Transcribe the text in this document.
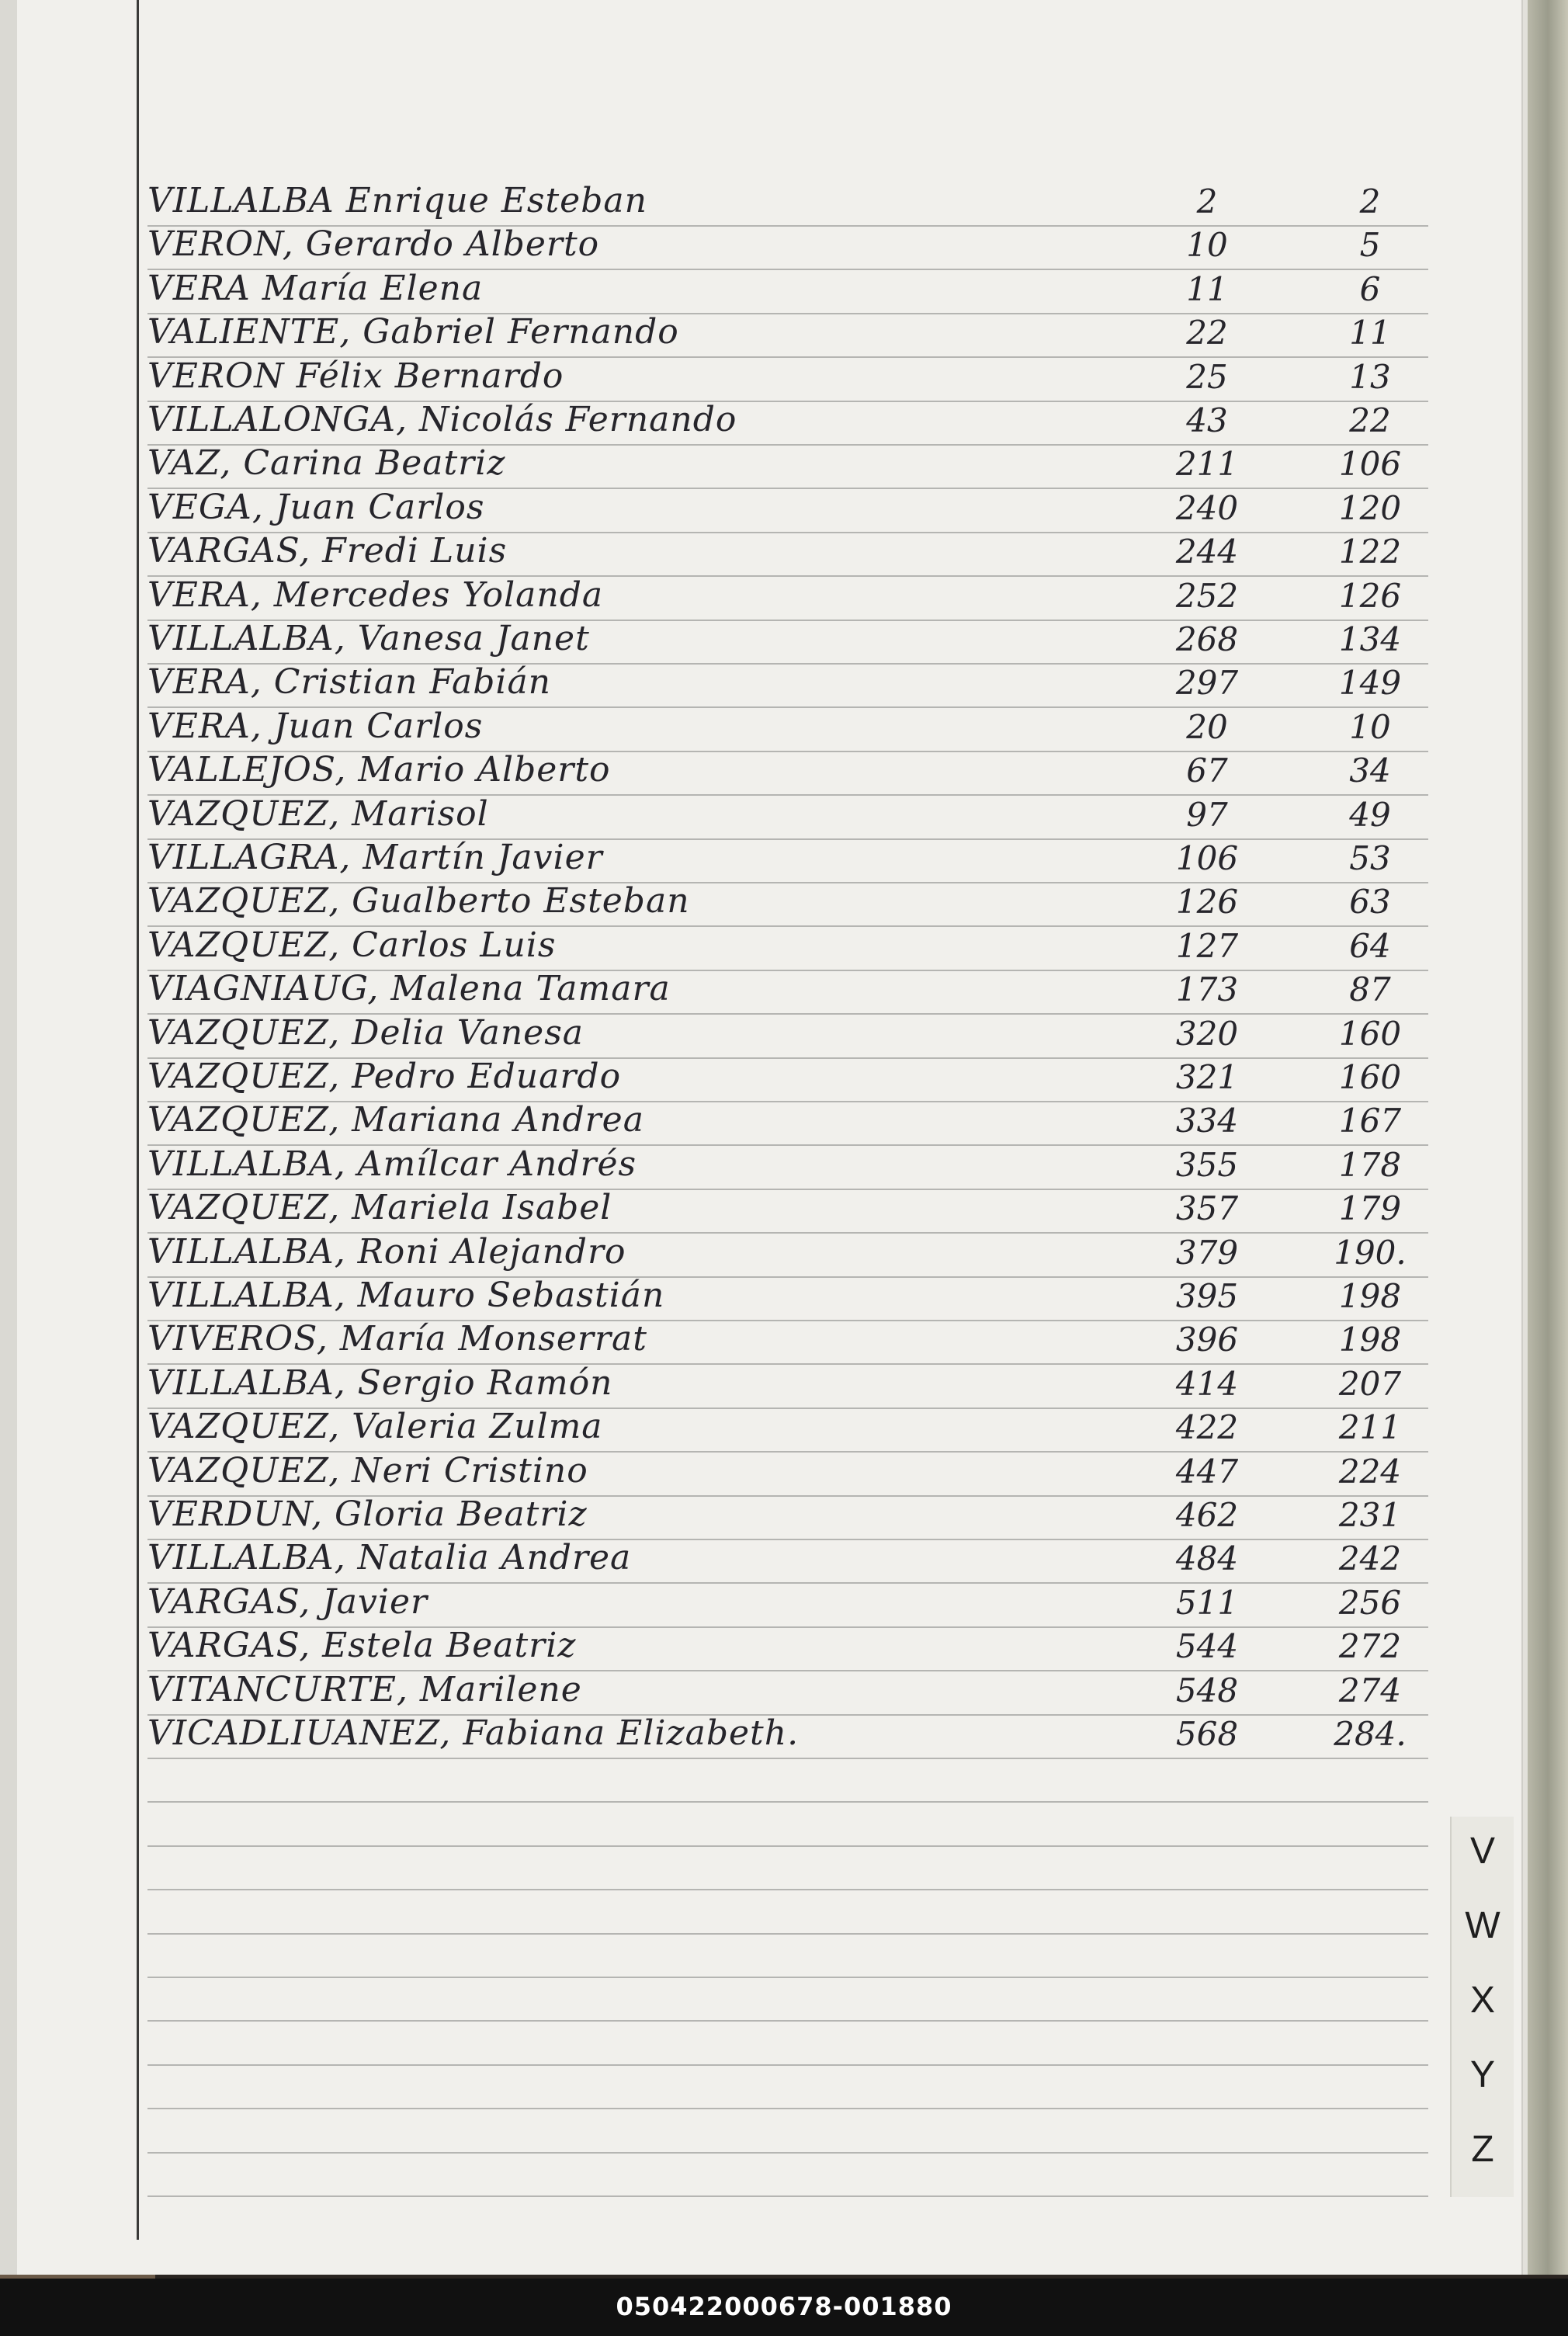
VILLALBA Enrique Esteban	2	2
VERON, Gerardo Alberto	10	5
VERA María Elena	11	6
VALIENTE, Gabriel Fernando	22	11
VERON Félix Bernardo	25	13
VILLALONGA, Nicolás Fernando	43	22
VAZ, Carina Beatriz	211	106
VEGA, Juan Carlos	240	120
VARGAS, Fredi Luis	244	122
VERA, Mercedes Yolanda	252	126
VILLALBA, Vanesa Janet	268	134
VERA, Cristian Fabián	297	149
VERA, Juan Carlos	20	10
VALLEJOS, Mario Alberto	67	34
VAZQUEZ, Marisol	97	49
VILLAGRA, Martín Javier	106	53
VAZQUEZ, Gualberto Esteban	126	63
VAZQUEZ, Carlos Luis	127	64
VIAGNIAUG, Malena Tamara	173	87
VAZQUEZ, Delia Vanesa	320	160
VAZQUEZ, Pedro Eduardo	321	160
VAZQUEZ, Mariana Andrea	334	167
VILLALBA, Amílcar Andrés	355	178
VAZQUEZ, Mariela Isabel	357	179
VILLALBA, Roni Alejandro	379	190.
VILLALBA, Mauro Sebastián	395	198
VIVEROS, María Monserrat	396	198
VILLALBA, Sergio Ramón	414	207
VAZQUEZ, Valeria Zulma	422	211
VAZQUEZ, Neri Cristino	447	224
VERDUN, Gloria Beatriz	462	231
VILLALBA, Natalia Andrea	484	242
VARGAS, Javier	511	256
VARGAS, Estela Beatriz	544	272
VITANCURTE, Marilene	548	274
VICADLIUANEZ, Fabiana Elizabeth.	568	284.
V
W
X
Y
Z
050422000678-001880
